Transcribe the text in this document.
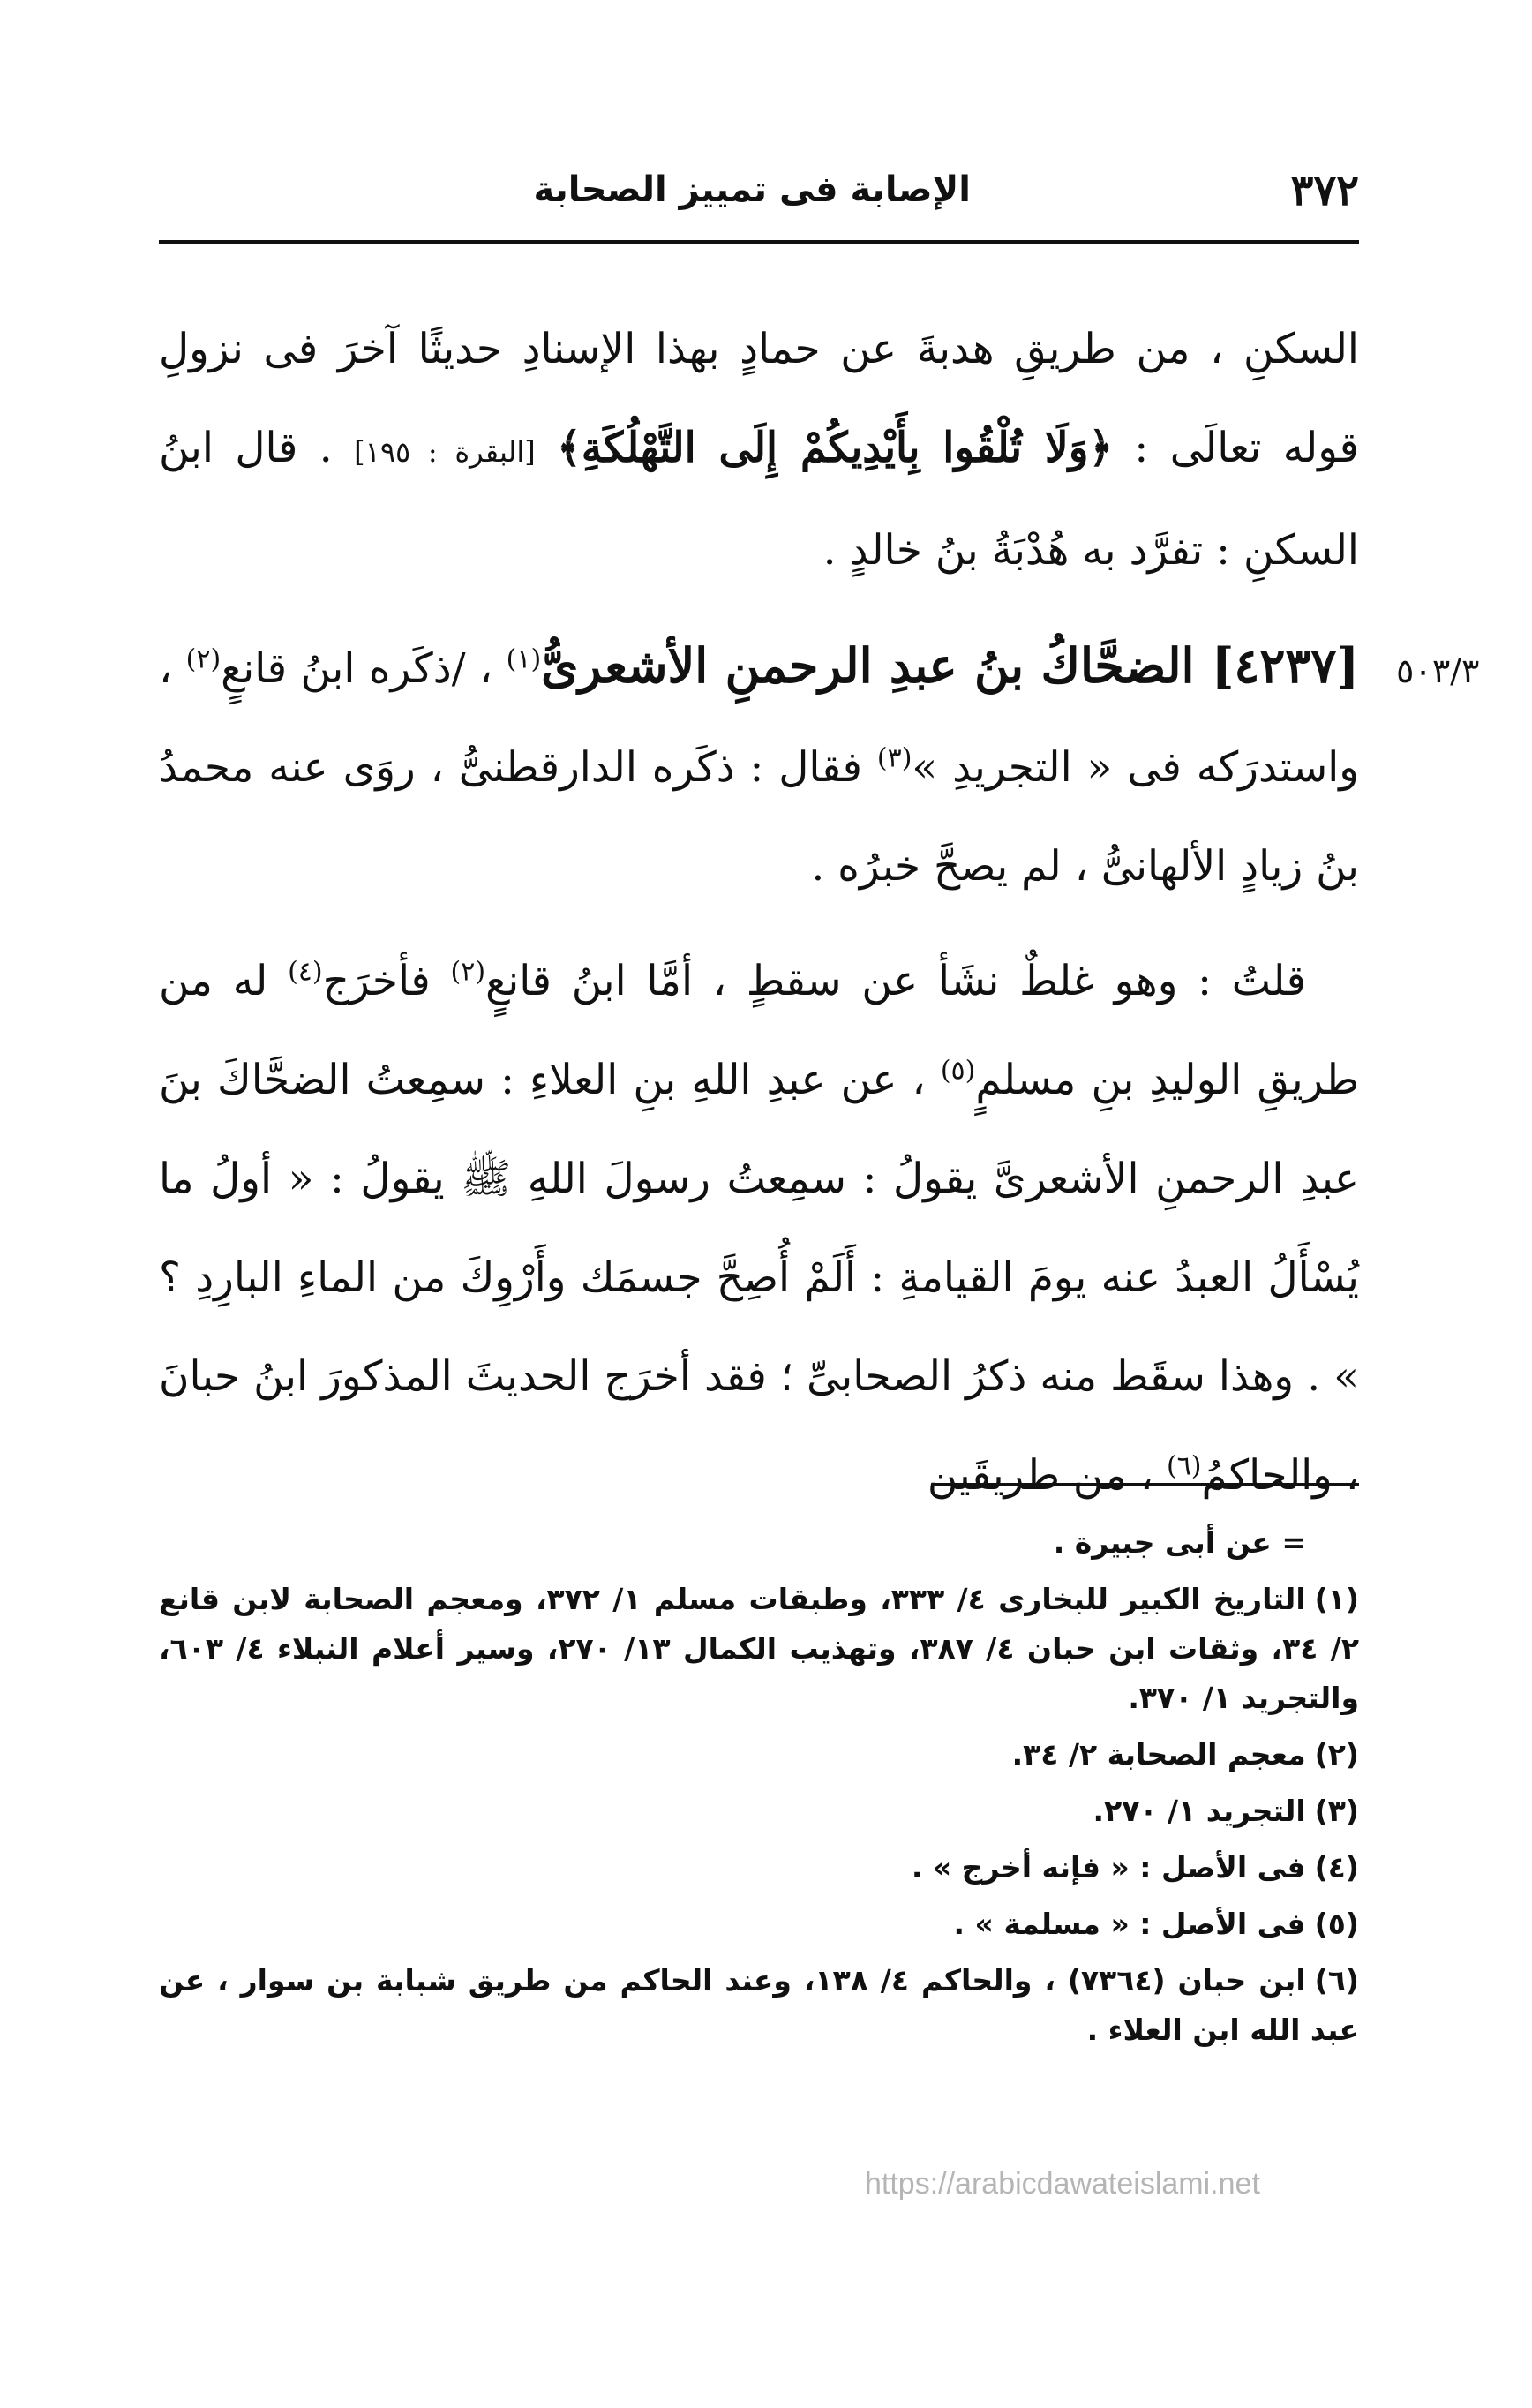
٣٧٢
الإصابة فى تمييز الصحابة
٥٠٣/٣

السكنِ ، من طريقِ هدبةَ عن حمادٍ بهذا الإسنادِ حديثًا آخرَ فى نزولِ قوله تعالَى : ﴿وَلَا تُلْقُوا بِأَيْدِيكُمْ إِلَى التَّهْلُكَةِ﴾ [البقرة : ١٩٥] . قال ابنُ السكنِ : تفرَّد به هُدْبَةُ بنُ خالدٍ .

[٤٢٣٧] الضحَّاكُ بنُ عبدِ الرحمنِ الأشعرىُّ$^{(١)}$ ، /ذكَره ابنُ قانعٍ$^{(٢)}$ ، واستدرَكه فى « التجريدِ »$^{(٣)}$ فقال : ذكَره الدارقطنىُّ ، روَى عنه محمدُ بنُ زيادٍ الألهانىُّ ، لم يصحَّ خبرُه .

قلتُ : وهو غلطٌ نشَأ عن سقطٍ ، أمَّا ابنُ قانعٍ$^{(٢)}$ فأخرَج$^{(٤)}$ له من طريقِ الوليدِ بنِ مسلمٍ$^{(٥)}$ ، عن عبدِ اللهِ بنِ العلاءِ : سمِعتُ الضحَّاكَ بنَ عبدِ الرحمنِ الأشعرىَّ يقولُ : سمِعتُ رسولَ اللهِ ﷺ يقولُ : « أولُ ما يُسْأَلُ العبدُ عنه يومَ القيامةِ : أَلَمْ أُصِحَّ جسمَك وأَرْوِكَ من الماءِ البارِدِ ؟ » . وهذا سقَط منه ذكرُ الصحابىِّ ؛ فقد أخرَج الحديثَ المذكورَ ابنُ حبانَ ، والحاكمُ$^{(٦)}$ ، من طريقَين

= عن أبى جبيرة .

(١)التاريخ الكبير للبخارى ٤/ ٣٣٣، وطبقات مسلم ١/ ٣٧٢، ومعجم الصحابة لابن قانع ٢/ ٣٤، وثقات ابن حبان ٤/ ٣٨٧، وتهذيب الكمال ١٣/ ٢٧٠، وسير أعلام النبلاء ٤/ ٦٠٣، والتجريد ١/ ٣٧٠.

(٢)معجم الصحابة ٢/ ٣٤.

(٣)التجريد ١/ ٢٧٠.

(٤)فى الأصل : « فإنه أخرج » .

(٥)فى الأصل : « مسلمة » .

(٦)ابن حبان (٧٣٦٤) ، والحاكم ٤/ ١٣٨، وعند الحاكم من طريق شبابة بن سوار ، عن عبد الله ابن العلاء .

https://arabicdawateislami.net
